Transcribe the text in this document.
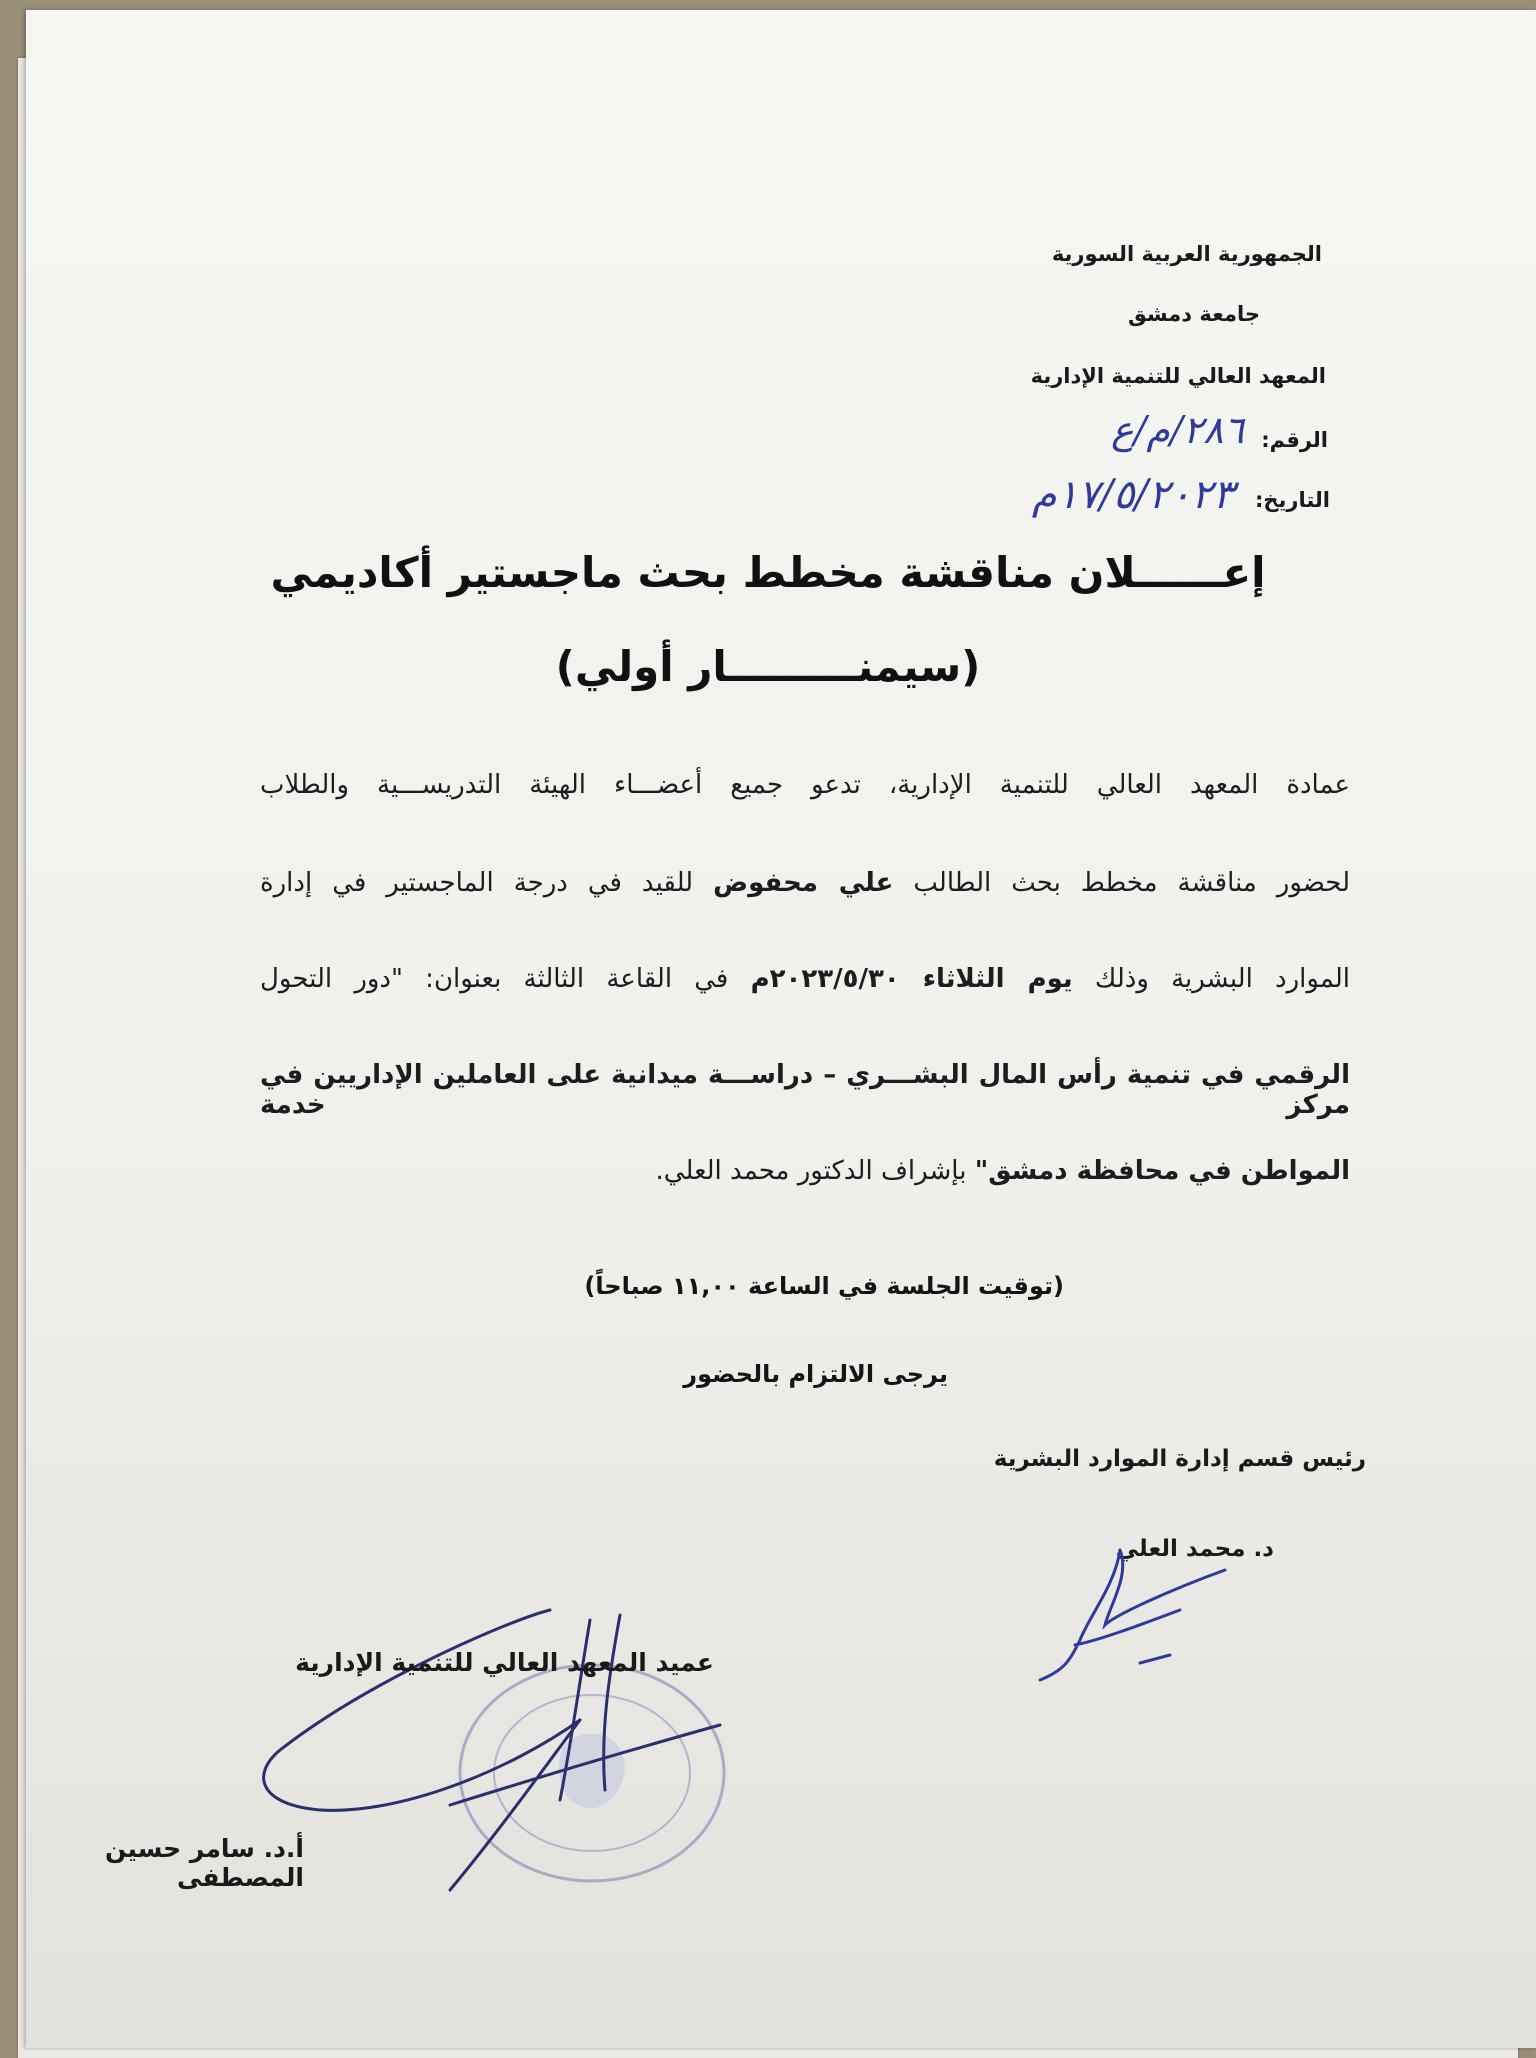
الجمهورية العربية السورية
جامعة دمشق
المعهد العالي للتنمية الإدارية
الرقم:
٢٨٦/م/ع
التاريخ:
١٧/٥/٢٠٢٣م
إعــــــلان مناقشة مخطط بحث ماجستير أكاديمي
(سيمنـــــــــار أولي)
عمادة المعهد العالي للتنمية الإدارية، تدعو جميع أعضـــاء الهيئة التدريســـية والطلاب
لحضور مناقشة مخطط بحث الطالب علي محفوض للقيد في درجة الماجستير في إدارة
الموارد البشرية وذلك يوم الثلاثاء ٢٠٢٣/٥/٣٠م في القاعة الثالثة بعنوان: "دور التحول
الرقمي في تنمية رأس المال البشـــري – دراســـة ميدانية على العاملين الإداريين في مركز خدمة
المواطن في محافظة دمشق" بإشراف الدكتور محمد العلي.
(توقيت الجلسة في الساعة ١١,٠٠ صباحاً)
يرجى الالتزام بالحضور
رئيس قسم إدارة الموارد البشرية
د. محمد العلي
عميد المعهد العالي للتنمية الإدارية
أ.د. سامر حسين المصطفى
